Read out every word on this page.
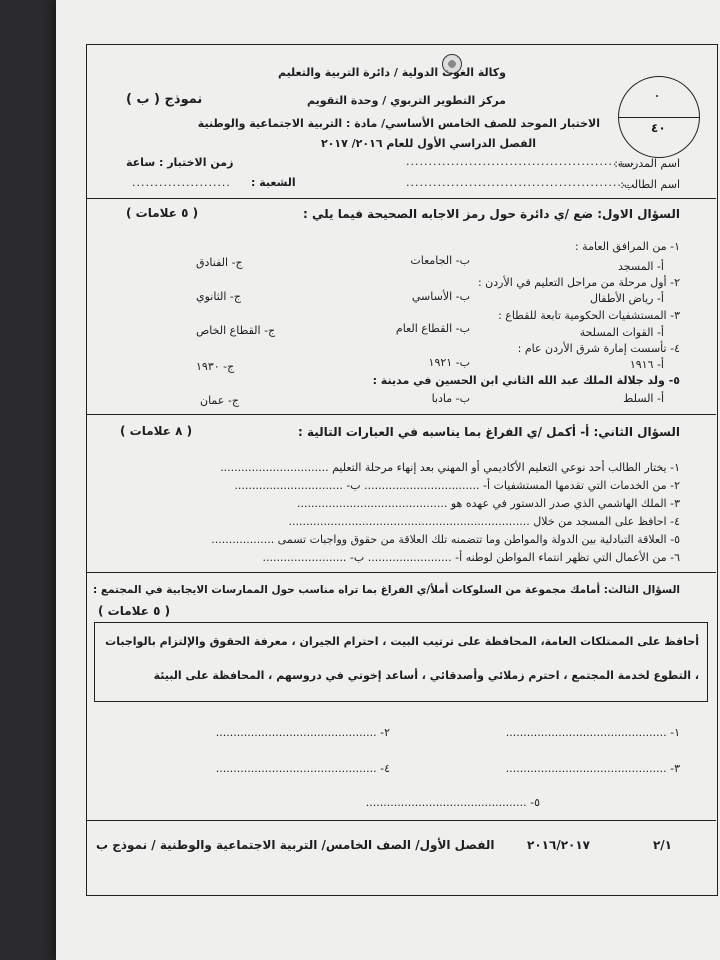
وكالة الغوث الدولية / دائرة التربية والتعليم
مركز التطوير التربوي / وحدة التقويم
نموذج ( ب )
٤٠
الاختبار الموحد للصف الخامس الأساسي/ مادة : التربية الاجتماعية والوطنية
الفصل الدراسي الأول للعام ٢٠١٦/ ٢٠١٧
اسم المدرسة:
...................................................
اسم الطالب:
...................................................
زمن الاختبار : ساعة
الشعبة :
......................
السؤال الاول: ضع /ي دائرة حول رمز الاجابه الصحيحة فيما يلي :
( ٥ علامات )
١- من المرافق العامة :
أ- المسجد
ب- الجامعات
ج- الفنادق
٢- أول مرحلة من مراحل التعليم في الأردن :
أ- رياض الأطفال
ب- الأساسي
ج- الثانوي
٣- المستشفيات الحكومية تابعة للقطاع :
أ- القوات المسلحة
ب- القطاع العام
ج- القطاع الخاص
٤- تأسست إمارة شرق الأردن عام :
أ- ١٩١٦
ب- ١٩٢١
ج- ١٩٣٠
٥- ولد جلالة الملك عبد الله الثاني ابن الحسين في مدينة :
أ- السلط
ب- مادبا
ج- عمان
السؤال الثاني: أ- أكمل /ي الفراغ بما يناسبه في العبارات التالية :
( ٨ علامات )
١- يختار الطالب أحد نوعي التعليم الأكاديمي أو المهني بعد إنهاء مرحلة التعليم ...............................
٢- من الخدمات التي تقدمها المستشفيات أ- ................................. ب- ...............................
٣- الملك الهاشمي الذي صدر الدستور في عهده هو ...........................................
٤- احافظ على المسجد من خلال .....................................................................
٥- العلاقة التبادلية بين الدولة والمواطن وما تتضمنه تلك العلاقة من حقوق وواجبات تسمى ..................
٦- من الأعمال التي تظهر انتماء المواطن لوطنه أ- ........................ ب- ........................
السؤال الثالث: أمامك مجموعة من السلوكات أملأ/ي الفراغ بما تراه مناسب حول الممارسات الايجابية في المجتمع :
( ٥ علامات )
أحافظ على الممتلكات العامة، المحافظة على ترتيب البيت ، احترام الجيران ، معرفة الحقوق والإلتزام بالواجبات
، التطوع لخدمة المجتمع ، احترم زملائي وأصدقائي ، أساعد إخوتي في دروسهم ، المحافظة على البيئة
١- ..............................................
٢- ..............................................
٣- ..............................................
٤- ..............................................
٥- ..............................................
٢/١
٢٠١٦/٢٠١٧
الفصل الأول/ الصف الخامس/ التربية الاجتماعية والوطنية / نموذج ب
